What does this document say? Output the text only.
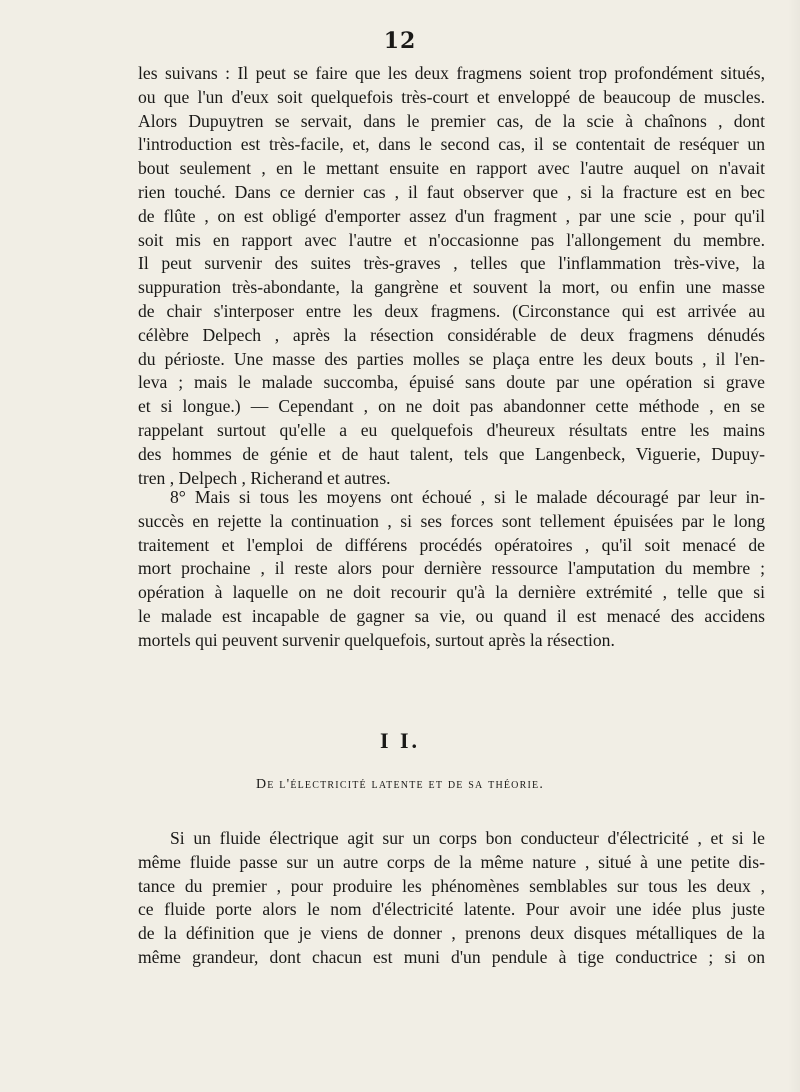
12
les suivans : Il peut se faire que les deux fragmens soient trop profondément situés,
ou que l'un d'eux soit quelquefois très-court et enveloppé de beaucoup de muscles.
Alors Dupuytren se servait, dans le premier cas, de la scie à chaînons , dont
l'introduction est très-facile, et, dans le second cas, il se contentait de reséquer un
bout seulement , en le mettant ensuite en rapport avec l'autre auquel on n'avait
rien touché. Dans ce dernier cas , il faut observer que , si la fracture est en bec
de flûte , on est obligé d'emporter assez d'un fragment , par une scie , pour qu'il
soit mis en rapport avec l'autre et n'occasionne pas l'allongement du membre.
Il peut survenir des suites très-graves , telles que l'inflammation très-vive, la
suppuration très-abondante, la gangrène et souvent la mort, ou enfin une masse
de chair s'interposer entre les deux fragmens. (Circonstance qui est arrivée au
célèbre Delpech , après la résection considérable de deux fragmens dénudés
du périoste. Une masse des parties molles se plaça entre les deux bouts , il l'en-
leva ; mais le malade succomba, épuisé sans doute par une opération si grave
et si longue.) — Cependant , on ne doit pas abandonner cette méthode , en se
rappelant surtout qu'elle a eu quelquefois d'heureux résultats entre les mains
des hommes de génie et de haut talent, tels que Langenbeck, Viguerie, Dupuy-
tren , Delpech , Richerand et autres.
8° Mais si tous les moyens ont échoué , si le malade découragé par leur in-
succès en rejette la continuation , si ses forces sont tellement épuisées par le long
traitement et l'emploi de différens procédés opératoires , qu'il soit menacé de
mort prochaine , il reste alors pour dernière ressource l'amputation du membre ;
opération à laquelle on ne doit recourir qu'à la dernière extrémité , telle que si
le malade est incapable de gagner sa vie, ou quand il est menacé des accidens
mortels qui peuvent survenir quelquefois, surtout après la résection.
I I.
De l'électricité latente et de sa théorie.
Si un fluide électrique agit sur un corps bon conducteur d'électricité , et si le
même fluide passe sur un autre corps de la même nature , situé à une petite dis-
tance du premier , pour produire les phénomènes semblables sur tous les deux ,
ce fluide porte alors le nom d'électricité latente. Pour avoir une idée plus juste
de la définition que je viens de donner , prenons deux disques métalliques de la
même grandeur, dont chacun est muni d'un pendule à tige conductrice ; si on
